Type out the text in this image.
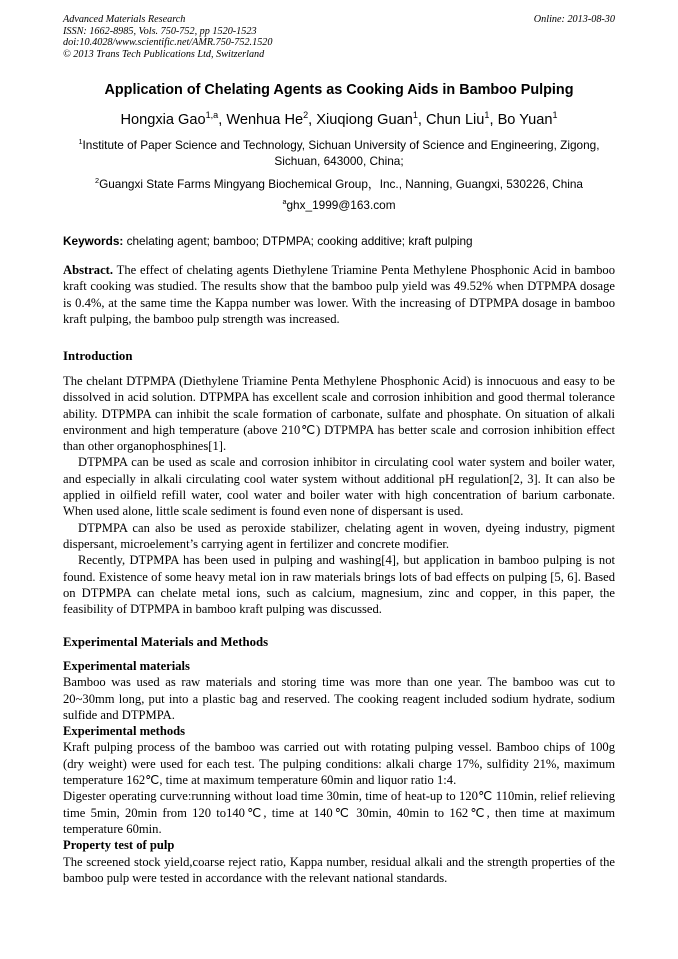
Advanced Materials Research
ISSN: 1662-8985, Vols. 750-752, pp 1520-1523
doi:10.4028/www.scientific.net/AMR.750-752.1520
© 2013 Trans Tech Publications Ltd, Switzerland
Online: 2013-08-30
Application of Chelating Agents as Cooking Aids in Bamboo Pulping
Hongxia Gao$^{1,a}$, Wenhua He$^2$, Xiuqiong Guan$^1$, Chun Liu$^1$, Bo Yuan$^1$
$^1$Institute of Paper Science and Technology, Sichuan University of Science and Engineering, Zigong, Sichuan, 643000, China;
$^2$Guangxi State Farms Mingyang Biochemical Group，Inc., Nanning, Guangxi, 530226, China
$^a$ghx_1999@163.com
Keywords: chelating agent; bamboo; DTPMPA; cooking additive; kraft pulping

Abstract. The effect of chelating agents Diethylene Triamine Penta Methylene Phosphonic Acid in bamboo kraft cooking was studied. The results show that the bamboo pulp yield was 49.52% when DTPMPA dosage is 0.4%, at the same time the Kappa number was lower. With the increasing of DTPMPA dosage in bamboo kraft pulping, the bamboo pulp strength was increased.

Introduction

The chelant DTPMPA (Diethylene Triamine Penta Methylene Phosphonic Acid) is innocuous and easy to be dissolved in acid solution. DTPMPA has excellent scale and corrosion inhibition and good thermal tolerance ability. DTPMPA can inhibit the scale formation of carbonate, sulfate and phosphate. On situation of alkali environment and high temperature (above 210℃) DTPMPA has better scale and corrosion inhibition effect than other organophosphines[1].

DTPMPA can be used as scale and corrosion inhibitor in circulating cool water system and boiler water, and especially in alkali circulating cool water system without additional pH regulation[2, 3]. It can also be applied in oilfield refill water, cool water and boiler water with high concentration of barium carbonate. When used alone, little scale sediment is found even none of dispersant is used.

DTPMPA can also be used as peroxide stabilizer, chelating agent in woven, dyeing industry, pigment dispersant, microelement’s carrying agent in fertilizer and concrete modifier.

Recently, DTPMPA has been used in pulping and washing[4], but application in bamboo pulping is not found. Existence of some heavy metal ion in raw materials brings lots of bad effects on pulping [5, 6]. Based on DTPMPA can chelate metal ions, such as calcium, magnesium, zinc and copper, in this paper, the feasibility of DTPMPA in bamboo kraft pulping was discussed.

Experimental Materials and Methods
Experimental materials

Bamboo was used as raw materials and storing time was more than one year. The bamboo was cut to 20~30mm long, put into a plastic bag and reserved. The cooking reagent included sodium hydrate, sodium sulfide and DTPMPA.

Experimental methods

Kraft pulping process of the bamboo was carried out with rotating pulping vessel. Bamboo chips of 100g (dry weight) were used for each test. The pulping conditions: alkali charge 17%, sulfidity 21%, maximum temperature 162℃, time at maximum temperature 60min and liquor ratio 1:4.

Digester operating curve:running without load time 30min, time of heat-up to 120℃ 110min, relief relieving time 5min, 20min from 120 to140℃, time at 140℃ 30min, 40min to 162℃, then time at maximum temperature 60min.

Property test of pulp

The screened stock yield,coarse reject ratio, Kappa number, residual alkali and the strength properties of the bamboo pulp were tested in accordance with the relevant national standards.
